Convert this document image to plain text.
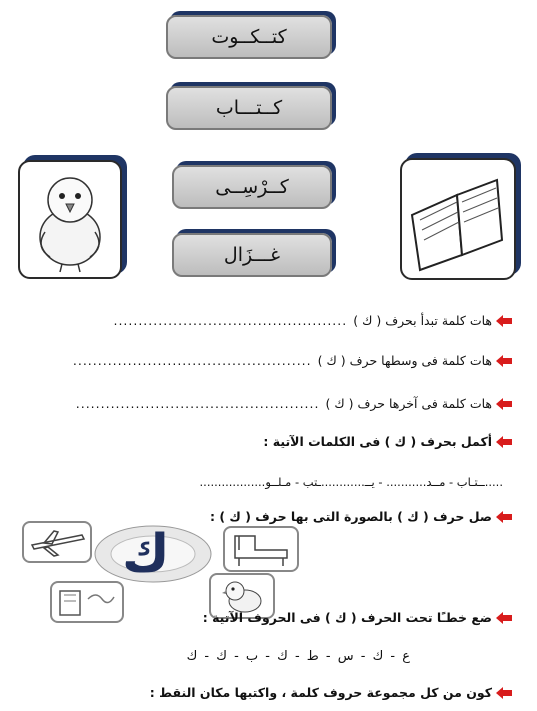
كتــكــوت
كــتـــاب
كــرْسِــى
غـــزَال
هات كلمة تبدأ بحرف ( ك )
...............................................
هات كلمة فى وسطها حرف ( ك )
................................................
هات كلمة فى آخرها حرف ( ك )
.................................................
أكمل بحرف ( ك ) فى الكلمات الآتية :
.....ــتـاب - مــد........... - يــ............ـتب - مـلــو..................
صل حرف ( ك ) بالصورة التى بها حرف ( ك ) :
ك
ضع خطـًا تحت الحرف ( ك ) فى الحروف الآتية :
ع - ك - س - ط - ك - ب - ك - ك
كون من كل مجموعة حروف كلمة ، واكتبها مكان النقط :
